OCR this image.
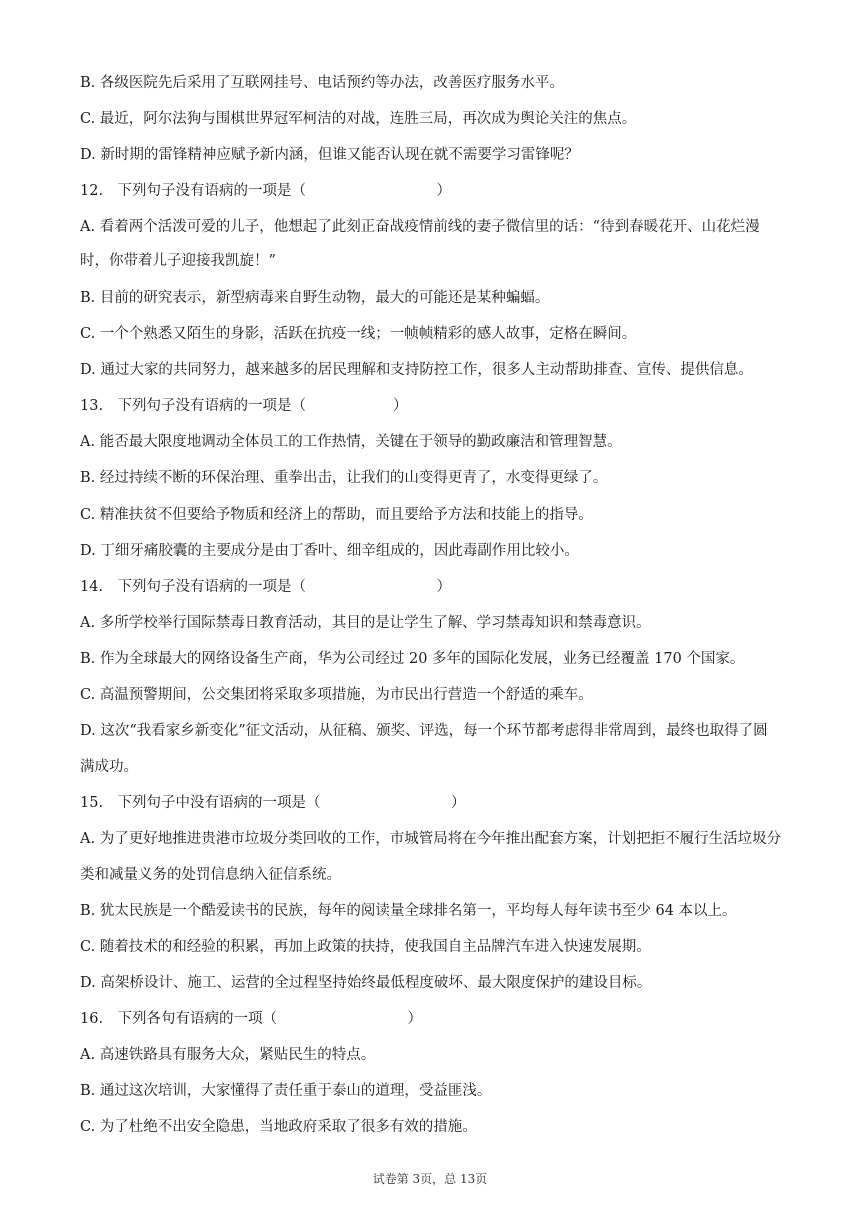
B. 各级医院先后采用了互联网挂号、电话预约等办法，改善医疗服务水平。
C. 最近，阿尔法狗与围棋世界冠军柯洁的对战，连胜三局，再次成为舆论关注的焦点。
D. 新时期的雷锋精神应赋予新内涵，但谁又能否认现在就不需要学习雷锋呢？
12.　下列句子没有语病的一项是（　　　　　　　　　）
A. 看着两个活泼可爱的儿子，他想起了此刻正奋战疫情前线的妻子微信里的话：“待到春暖花开、山花烂漫
时，你带着儿子迎接我凯旋！”
B. 目前的研究表示，新型病毒来自野生动物，最大的可能还是某种蝙蝠。
C. 一个个熟悉又陌生的身影，活跃在抗疫一线；一帧帧精彩的感人故事，定格在瞬间。
D. 通过大家的共同努力，越来越多的居民理解和支持防控工作，很多人主动帮助排查、宣传、提供信息。
13.　下列句子没有语病的一项是（　　　　　　）
A. 能否最大限度地调动全体员工的工作热情，关键在于领导的勤政廉洁和管理智慧。
B. 经过持续不断的环保治理、重拳出击，让我们的山变得更青了，水变得更绿了。
C. 精准扶贫不但要给予物质和经济上的帮助，而且要给予方法和技能上的指导。
D. 丁细牙痛胶囊的主要成分是由丁香叶、细辛组成的，因此毒副作用比较小。
14.　下列句子没有语病的一项是（　　　　　　　　　）
A. 多所学校举行国际禁毒日教育活动，其目的是让学生了解、学习禁毒知识和禁毒意识。
B. 作为全球最大的网络设备生产商，华为公司经过 20 多年的国际化发展，业务已经覆盖 170 个国家。
C. 高温预警期间，公交集团将采取多项措施，为市民出行营造一个舒适的乘车。
D. 这次“我看家乡新变化”征文活动，从征稿、颁奖、评选，每一个环节都考虑得非常周到，最终也取得了圆
满成功。
15.　下列句子中没有语病的一项是（　　　　　　　　　）
A. 为了更好地推进贵港市垃圾分类回收的工作，市城管局将在今年推出配套方案，计划把拒不履行生活垃圾分
类和减量义务的处罚信息纳入征信系统。
B. 犹太民族是一个酷爱读书的民族，每年的阅读量全球排名第一，平均每人每年读书至少 64 本以上。
C. 随着技术的和经验的积累，再加上政策的扶持，使我国自主品牌汽车进入快速发展期。
D. 高架桥设计、施工、运营的全过程坚持始终最低程度破坏、最大限度保护的建设目标。
16.　下列各句有语病的一项（　　　　　　　　　）
A. 高速铁路具有服务大众，紧贴民生的特点。
B. 通过这次培训，大家懂得了责任重于泰山的道理，受益匪浅。
C. 为了杜绝不出安全隐患，当地政府采取了很多有效的措施。
试卷第 3页，总 13页
